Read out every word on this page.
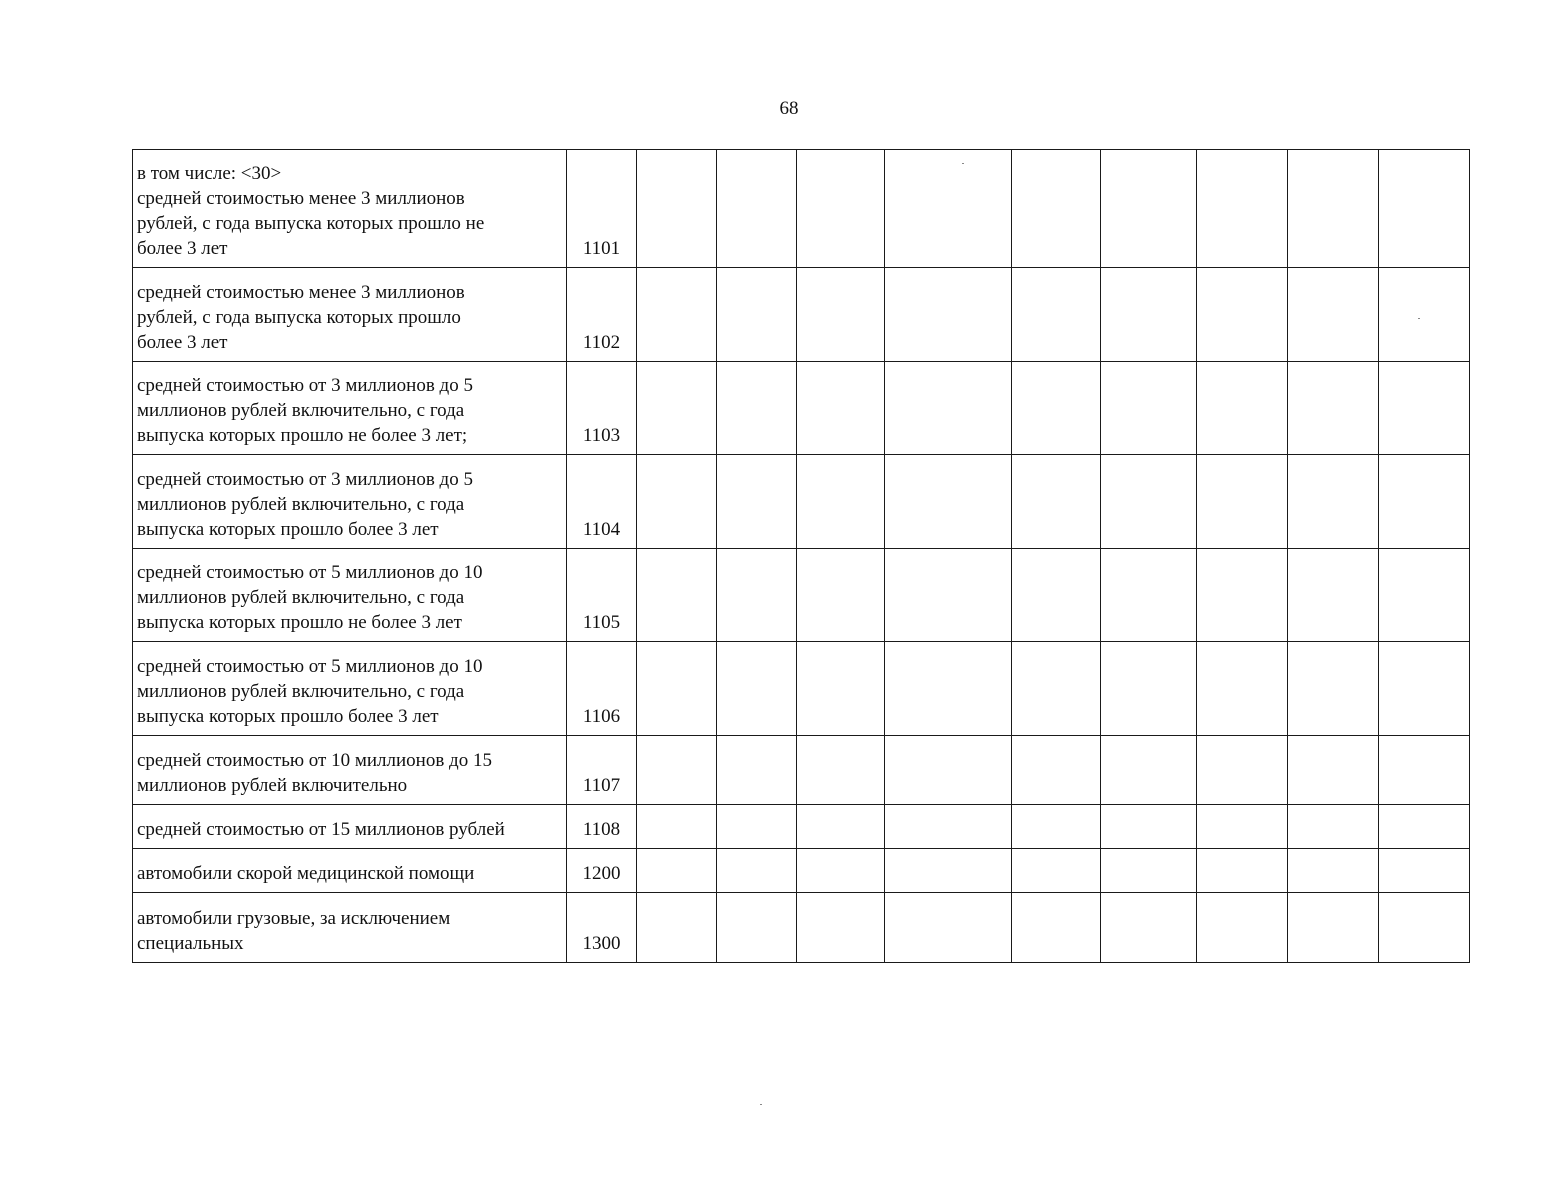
68
в том числе: <30>
средней стоимостью менее 3 миллионов
рублей, с года выпуска которых прошло не
более 3 лет	1101									
средней стоимостью менее 3 миллионов
рублей, с года выпуска которых прошло
более 3 лет	1102									
средней стоимостью от 3 миллионов до 5
миллионов рублей включительно, с года
выпуска которых прошло не более 3 лет;	1103									
средней стоимостью от 3 миллионов до 5
миллионов рублей включительно, с года
выпуска которых прошло более 3 лет	1104									
средней стоимостью от 5 миллионов до 10
миллионов рублей включительно, с года
выпуска которых прошло не более 3 лет	1105									
средней стоимостью от 5 миллионов до 10
миллионов рублей включительно, с года
выпуска которых прошло более 3 лет	1106									
средней стоимостью от 10 миллионов до 15
миллионов рублей включительно	1107									
средней стоимостью от 15 миллионов рублей	1108									
автомобили скорой медицинской помощи	1200									
автомобили грузовые, за исключением
специальных	1300									
